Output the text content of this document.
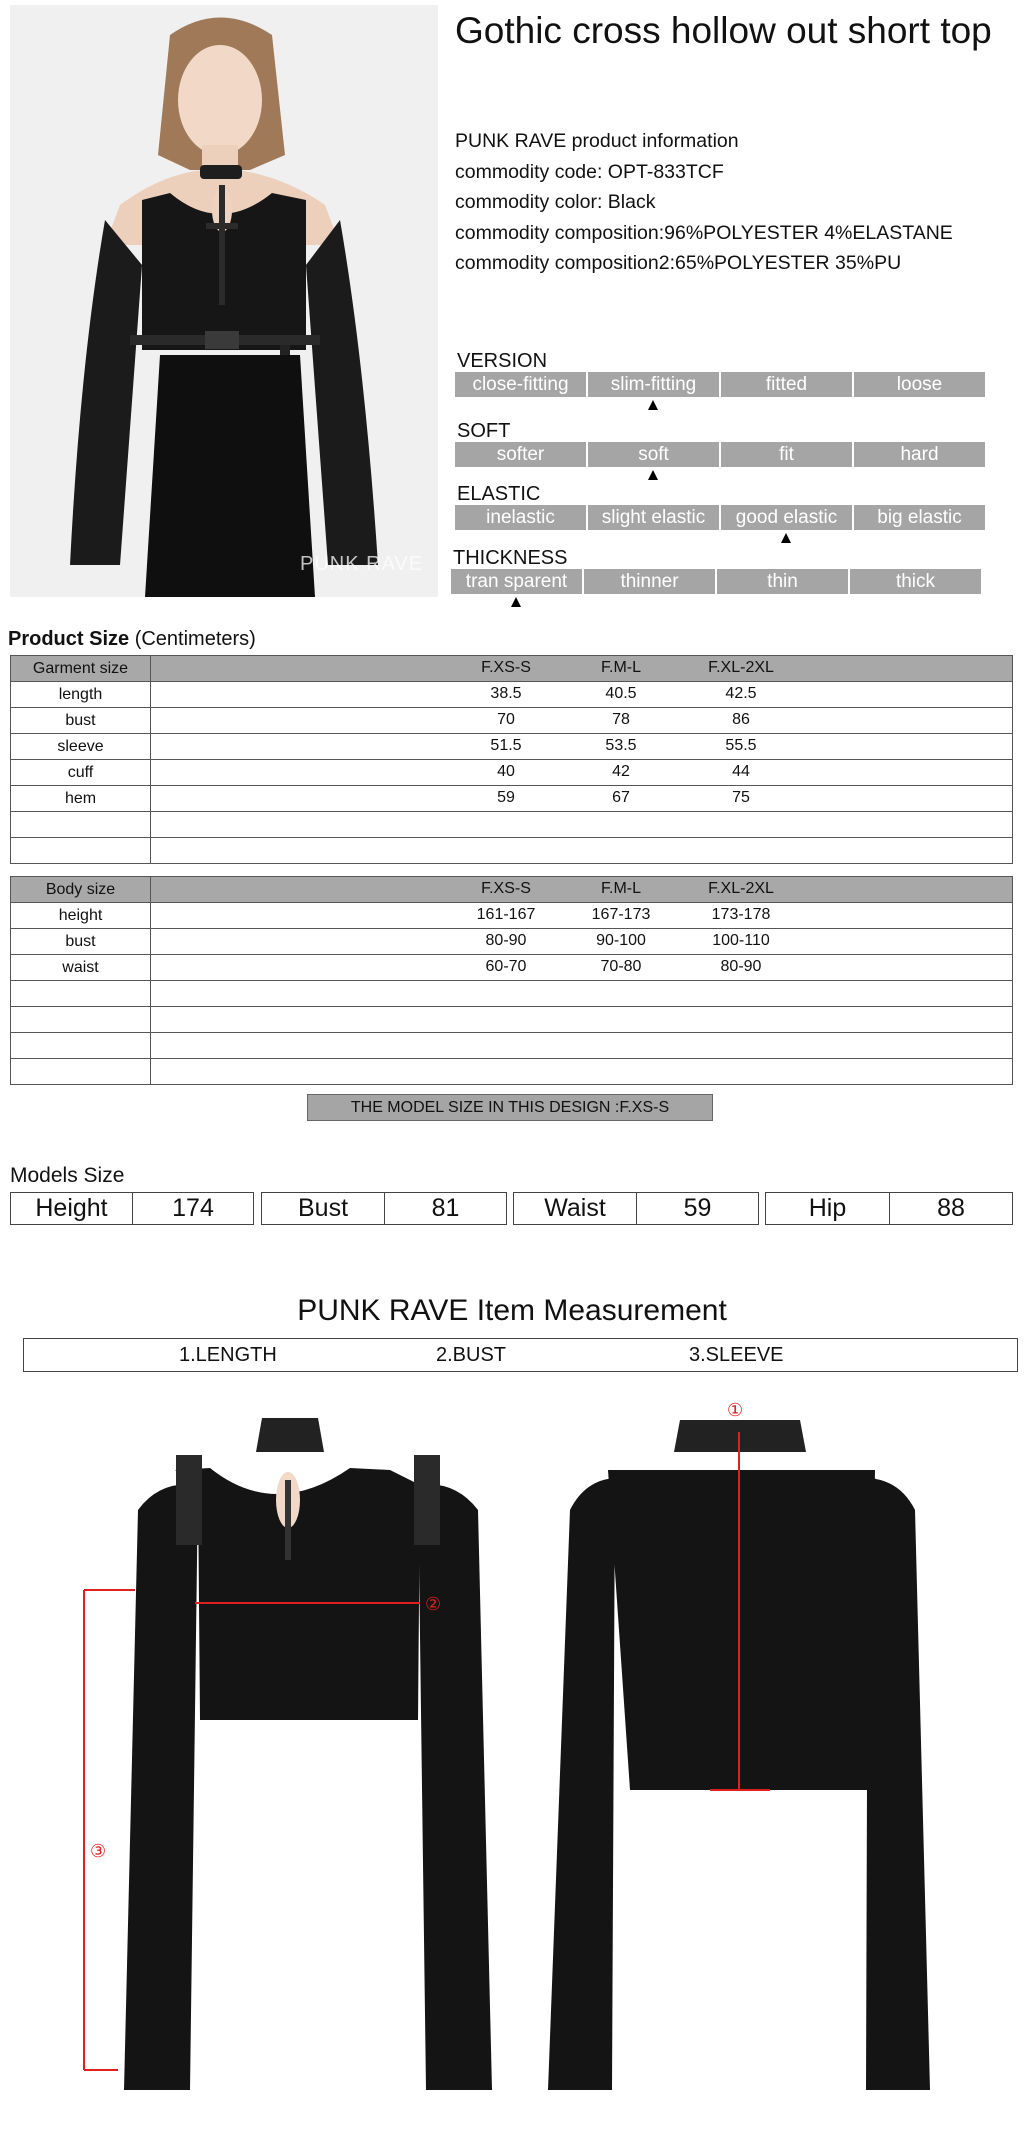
PUNK RAVE
Gothic cross hollow out short top
PUNK RAVE product information
commodity code: OPT-833TCF
commodity color: Black
commodity composition:96%POLYESTER 4%ELASTANE
commodity composition2:65%POLYESTER 35%PU
VERSION
close-fitting	slim-fitting	fitted	loose
SOFT
softer	soft	fit	hard
ELASTIC
inelastic	slight elastic	good elastic	big elastic
THICKNESS
tran sparent	thinner	thin	thick
Product Size (Centimeters)
Garment size	F.XS-S F.M-L F.XL-2XL

length	38.5 40.5 42.5

bust	70 78 86

sleeve	51.5 53.5 55.5

cuff	40 42 44

hem	59 67 75

Body size	F.XS-S F.M-L F.XL-2XL

height	161-167 167-173 173-178

bust	80-90 90-100 100-110

waist	60-70 70-80 80-90

THE MODEL SIZE IN THIS DESIGN :F.XS-S
Models Size
Height	174	Bust	81	Waist	59	Hip	88
PUNK RAVE Item Measurement
1.LENGTH	2.BUST	3.SLEEVE
①
②
③
